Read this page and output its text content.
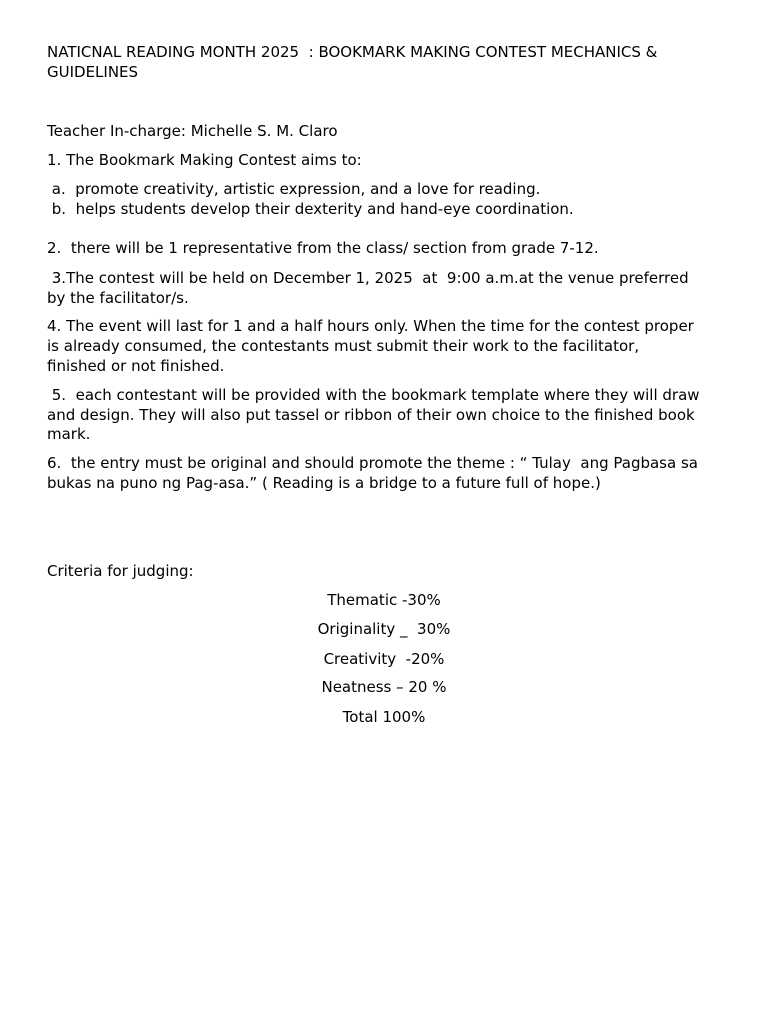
NATICNAL READING MONTH 2025  : BOOKMARK MAKING CONTEST MECHANICS &
GUIDELINES
Teacher In-charge: Michelle S. M. Claro
1. The Bookmark Making Contest aims to:
a.  promote creativity, artistic expression, and a love for reading.
b.  helps students develop their dexterity and hand-eye coordination.
2.  there will be 1 representative from the class/ section from grade 7-12.
3.The contest will be held on December 1, 2025  at  9:00 a.m.at the venue preferred
by the facilitator/s.
4. The event will last for 1 and a half hours only. When the time for the contest proper
is already consumed, the contestants must submit their work to the facilitator,
finished or not finished.
5.  each contestant will be provided with the bookmark template where they will draw
and design. They will also put tassel or ribbon of their own choice to the finished book
mark.
6.  the entry must be original and should promote the theme : “ Tulay  ang Pagbasa sa
bukas na puno ng Pag-asa.” ( Reading is a bridge to a future full of hope.)
Criteria for judging:
Thematic -30%
Originality _  30%
Creativity  -20%
Neatness – 20 %
Total 100%
